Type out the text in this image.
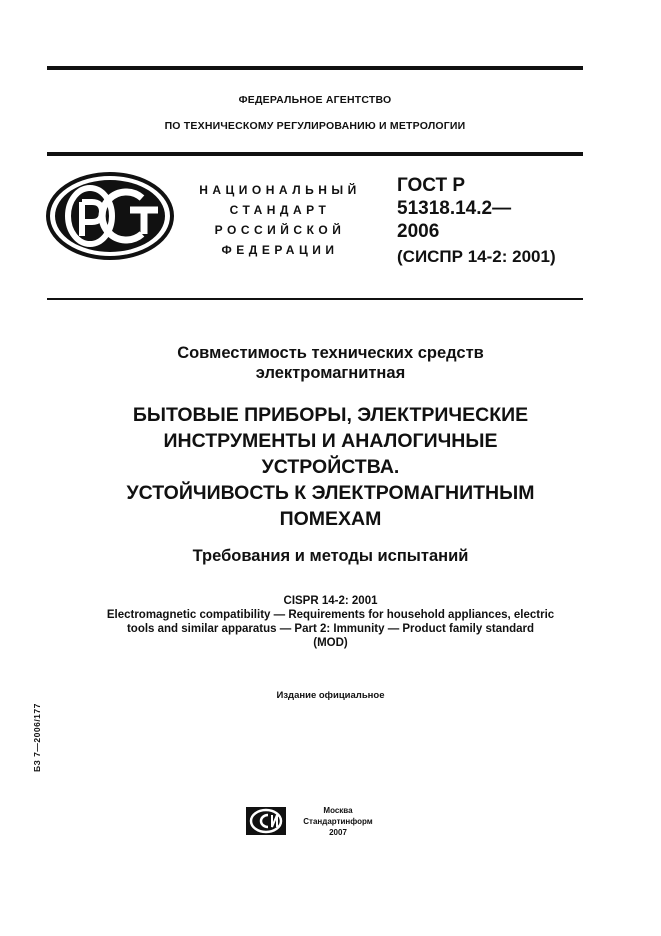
ФЕДЕРАЛЬНОЕ АГЕНТСТВО
ПО ТЕХНИЧЕСКОМУ РЕГУЛИРОВАНИЮ И МЕТРОЛОГИИ
НАЦИОНАЛЬНЫЙ
СТАНДАРТ
РОССИЙСКОЙ
ФЕДЕРАЦИИ
ГОСТ Р
51318.14.2—
2006
(СИСПР 14-2: 2001)
Совместимость технических средств
электромагнитная
БЫТОВЫЕ ПРИБОРЫ, ЭЛЕКТРИЧЕСКИЕ
ИНСТРУМЕНТЫ И АНАЛОГИЧНЫЕ
УСТРОЙСТВА.
УСТОЙЧИВОСТЬ К ЭЛЕКТРОМАГНИТНЫМ
ПОМЕХАМ
Требования и методы испытаний
CISPR 14-2: 2001
Electromagnetic compatibility — Requirements for household appliances, electric
tools and similar apparatus — Part 2: Immunity — Product family standard
(MOD)
Издание официальное
БЗ 7—2006/177
Москва
Стандартинформ
2007
